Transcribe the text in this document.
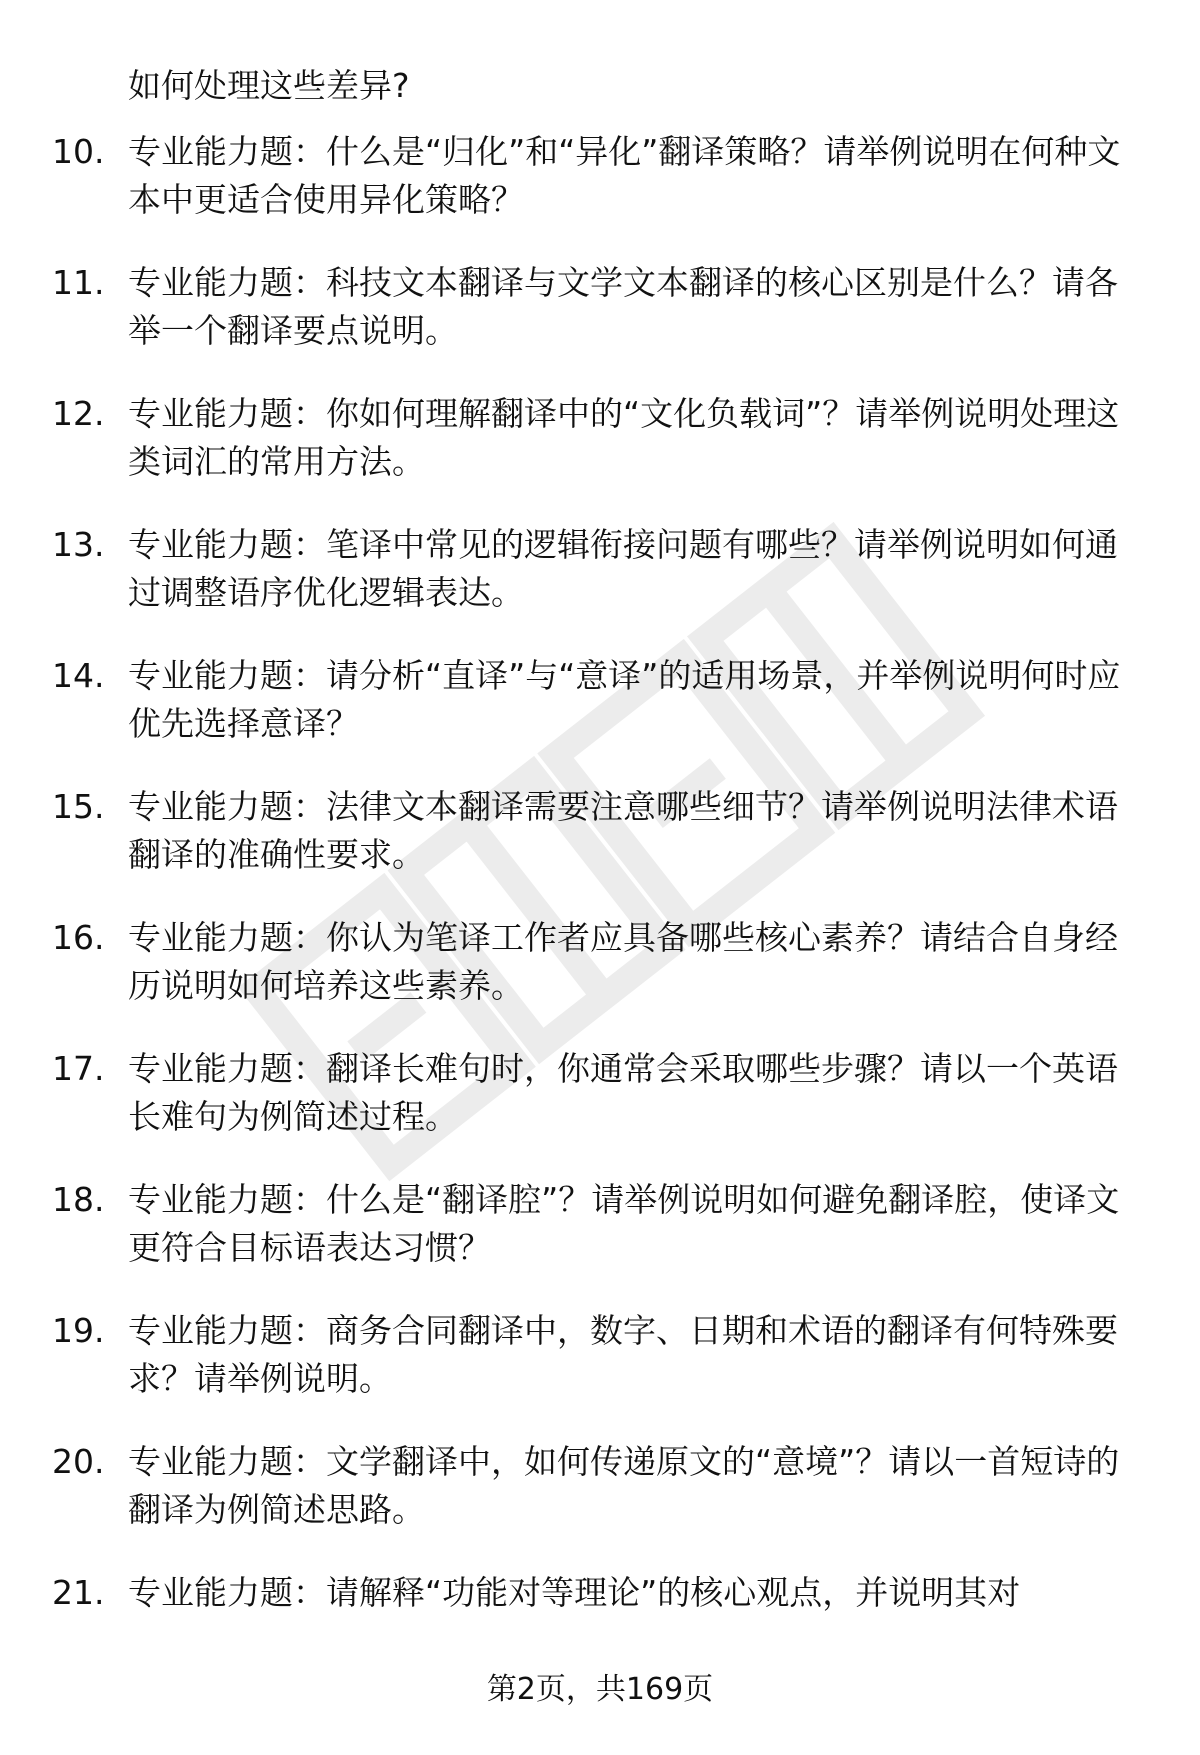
如何处理这些差异?

10. 专业能力题：什么是“归化”和“异化”翻译策略？请举例说明在何种文本中更适合使用异化策略？
11. 专业能力题：科技文本翻译与文学文本翻译的核心区别是什么？请各举一个翻译要点说明。
12. 专业能力题：你如何理解翻译中的“文化负载词”？请举例说明处理这类词汇的常用方法。
13. 专业能力题：笔译中常见的逻辑衔接问题有哪些？请举例说明如何通过调整语序优化逻辑表达。
14. 专业能力题：请分析“直译”与“意译”的适用场景，并举例说明何时应优先选择意译？
15. 专业能力题：法律文本翻译需要注意哪些细节？请举例说明法律术语翻译的准确性要求。
16. 专业能力题：你认为笔译工作者应具备哪些核心素养？请结合自身经历说明如何培养这些素养。
17. 专业能力题：翻译长难句时，你通常会采取哪些步骤？请以一个英语长难句为例简述过程。
18. 专业能力题：什么是“翻译腔”？请举例说明如何避免翻译腔，使译文更符合目标语表达习惯？
19. 专业能力题：商务合同翻译中，数字、日期和术语的翻译有何特殊要求？请举例说明。
20. 专业能力题：文学翻译中，如何传递原文的“意境”？请以一首短诗的翻译为例简述思路。
21. 专业能力题：请解释“功能对等理论”的核心观点，并说明其对
第2页，共169页
